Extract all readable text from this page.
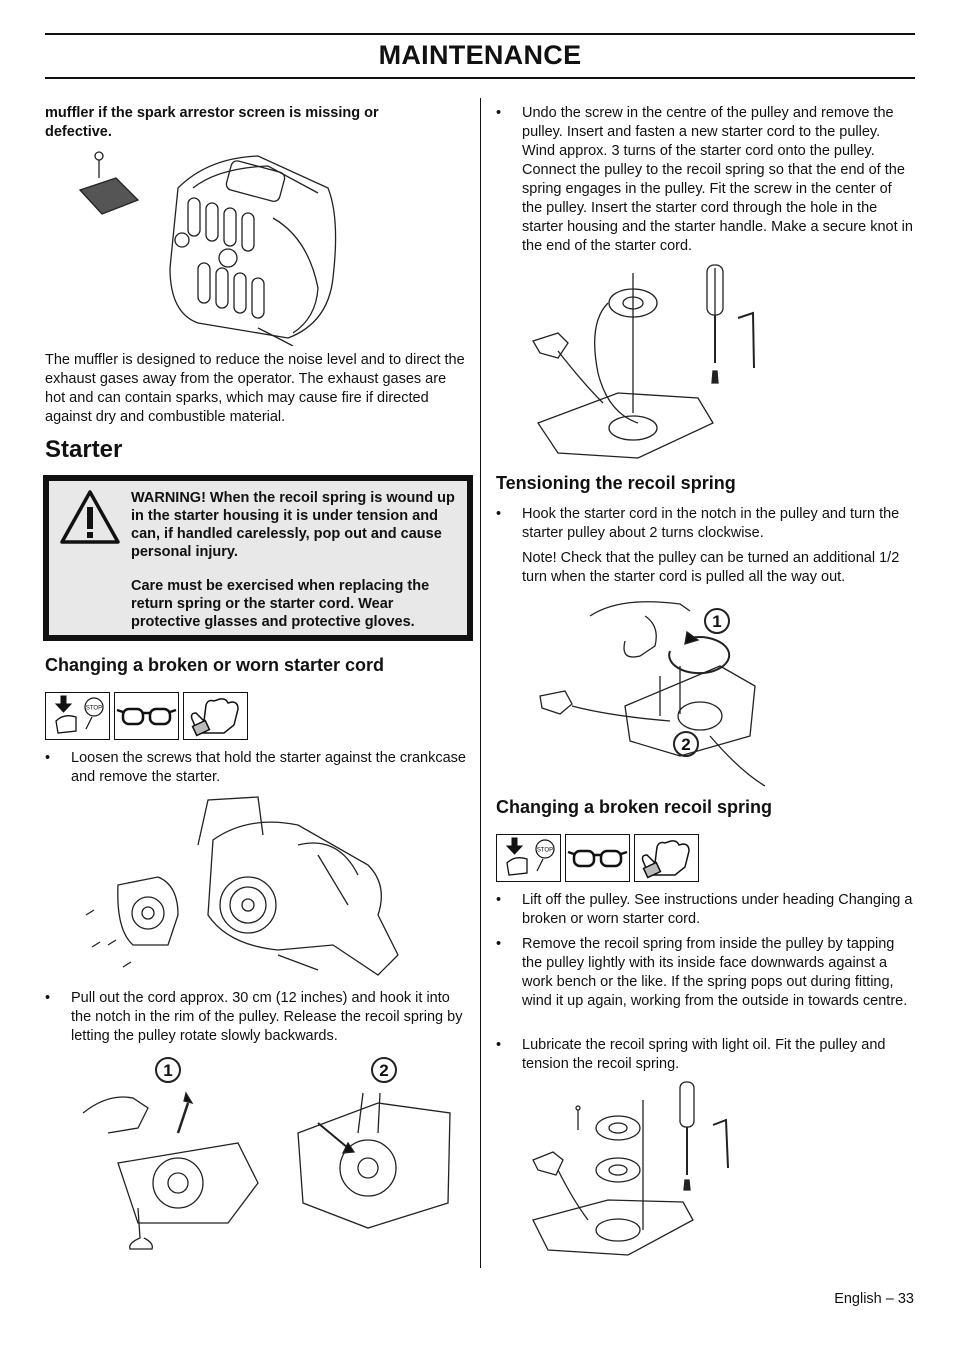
MAINTENANCE
muffler if the spark arrestor screen is missing or defective.
The muffler is designed to reduce the noise level and to direct the exhaust gases away from the operator. The exhaust gases are hot and can contain sparks, which may cause fire if directed against dry and combustible material.
Starter

WARNING! When the recoil spring is wound up in the starter housing it is under tension and can, if handled carelessly, pop out and cause personal injury.

Care must be exercised when replacing the return spring or the starter cord. Wear protective glasses and protective gloves.

Changing a broken or worn starter cord
STOP
• Loosen the screws that hold the starter against the crankcase and remove the starter.
• Pull out the cord approx. 30 cm (12 inches) and hook it into the notch in the rim of the pulley. Release the recoil spring by letting the pulley rotate slowly backwards.
1	2
• Undo the screw in the centre of the pulley and remove the pulley. Insert and fasten a new starter cord to the pulley. Wind approx. 3 turns of the starter cord onto the pulley. Connect the pulley to the recoil spring so that the end of the spring engages in the pulley. Fit the screw in the center of the pulley. Insert the starter cord through the hole in the starter housing and the starter handle. Make a secure knot in the end of the starter cord.
Tensioning the recoil spring
• Hook the starter cord in the notch in the pulley and turn the starter pulley about 2 turns clockwise.
Note! Check that the pulley can be turned an additional 1/2 turn when the starter cord is pulled all the way out.
1
2
Changing a broken recoil spring
STOP
• Lift off the pulley. See instructions under heading Changing a broken or worn starter cord.
• Remove the recoil spring from inside the pulley by tapping the pulley lightly with its inside face downwards against a work bench or the like. If the spring pops out during fitting, wind it up again, working from the outside in towards centre.
• Lubricate the recoil spring with light oil. Fit the pulley and tension the recoil spring.
English – 33
